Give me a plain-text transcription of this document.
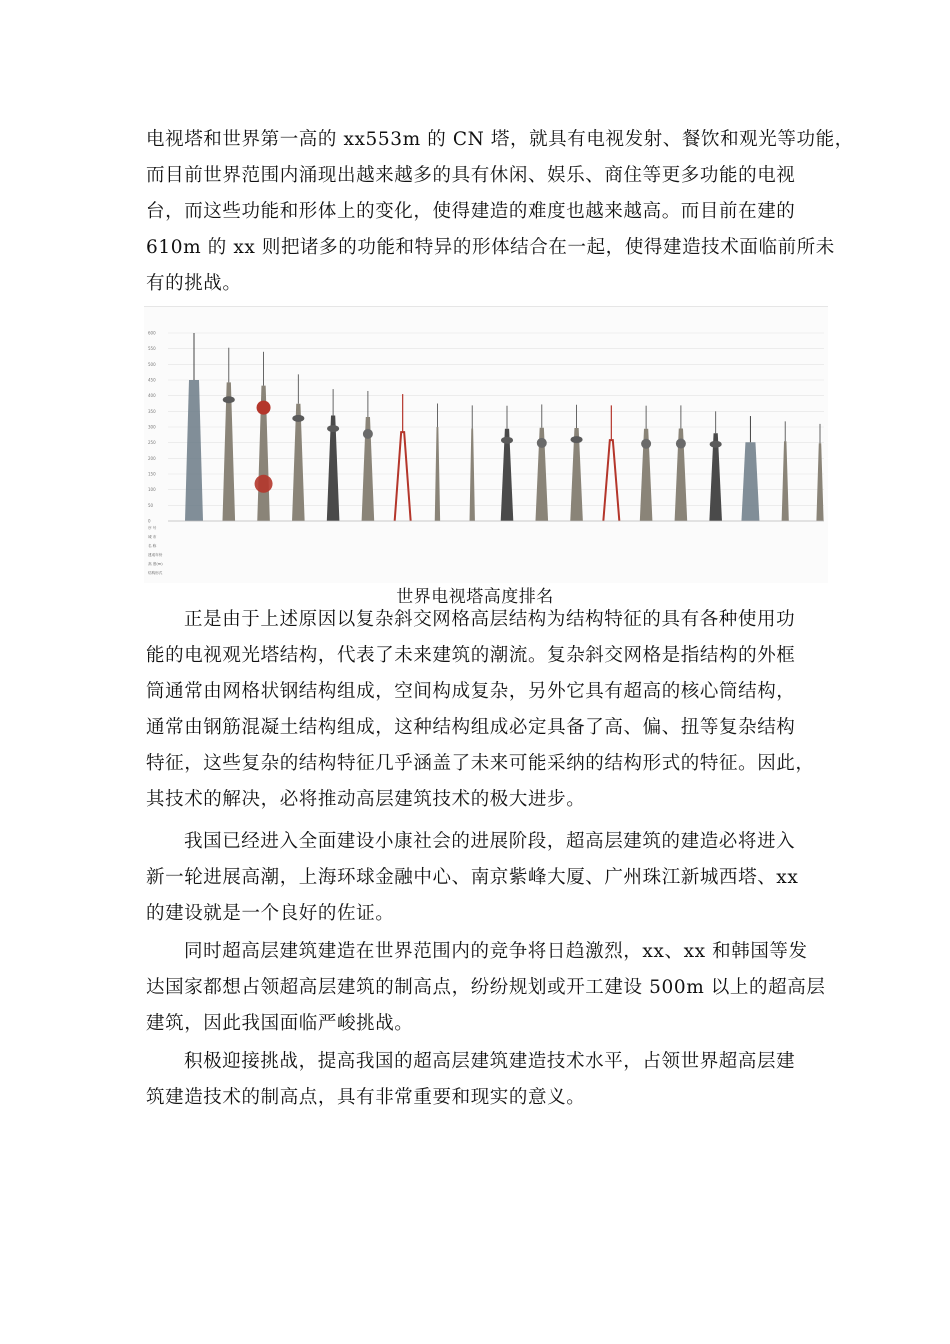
电视塔和世界第一高的 xx553m 的 CN 塔，就具有电视发射、餐饮和观光等功能，
而目前世界范围内涌现出越来越多的具有休闲、娱乐、商住等更多功能的电视
台，而这些功能和形体上的变化，使得建造的难度也越来越高。而目前在建的
610m 的 xx 则把诸多的功能和特异的形体结合在一起，使得建造技术面临前所未
有的挑战。
600
550
500
450
400
350
300
250
200
150
100
50
0
序 号
城 市
名 称
建成年份
高 度(m)
结构形式
世界电视塔高度排名
正是由于上述原因以复杂斜交网格高层结构为结构特征的具有各种使用功
能的电视观光塔结构，代表了未来建筑的潮流。复杂斜交网格是指结构的外框
筒通常由网格状钢结构组成，空间构成复杂，另外它具有超高的核心筒结构，
通常由钢筋混凝土结构组成，这种结构组成必定具备了高、偏、扭等复杂结构
特征，这些复杂的结构特征几乎涵盖了未来可能采纳的结构形式的特征。因此，
其技术的解决，必将推动高层建筑技术的极大进步。
我国已经进入全面建设小康社会的进展阶段，超高层建筑的建造必将进入
新一轮进展高潮，上海环球金融中心、南京紫峰大厦、广州珠江新城西塔、xx
的建设就是一个良好的佐证。
同时超高层建筑建造在世界范围内的竞争将日趋激烈，xx、xx 和韩国等发
达国家都想占领超高层建筑的制高点，纷纷规划或开工建设 500m 以上的超高层
建筑，因此我国面临严峻挑战。
积极迎接挑战，提高我国的超高层建筑建造技术水平，占领世界超高层建
筑建造技术的制高点，具有非常重要和现实的意义。
